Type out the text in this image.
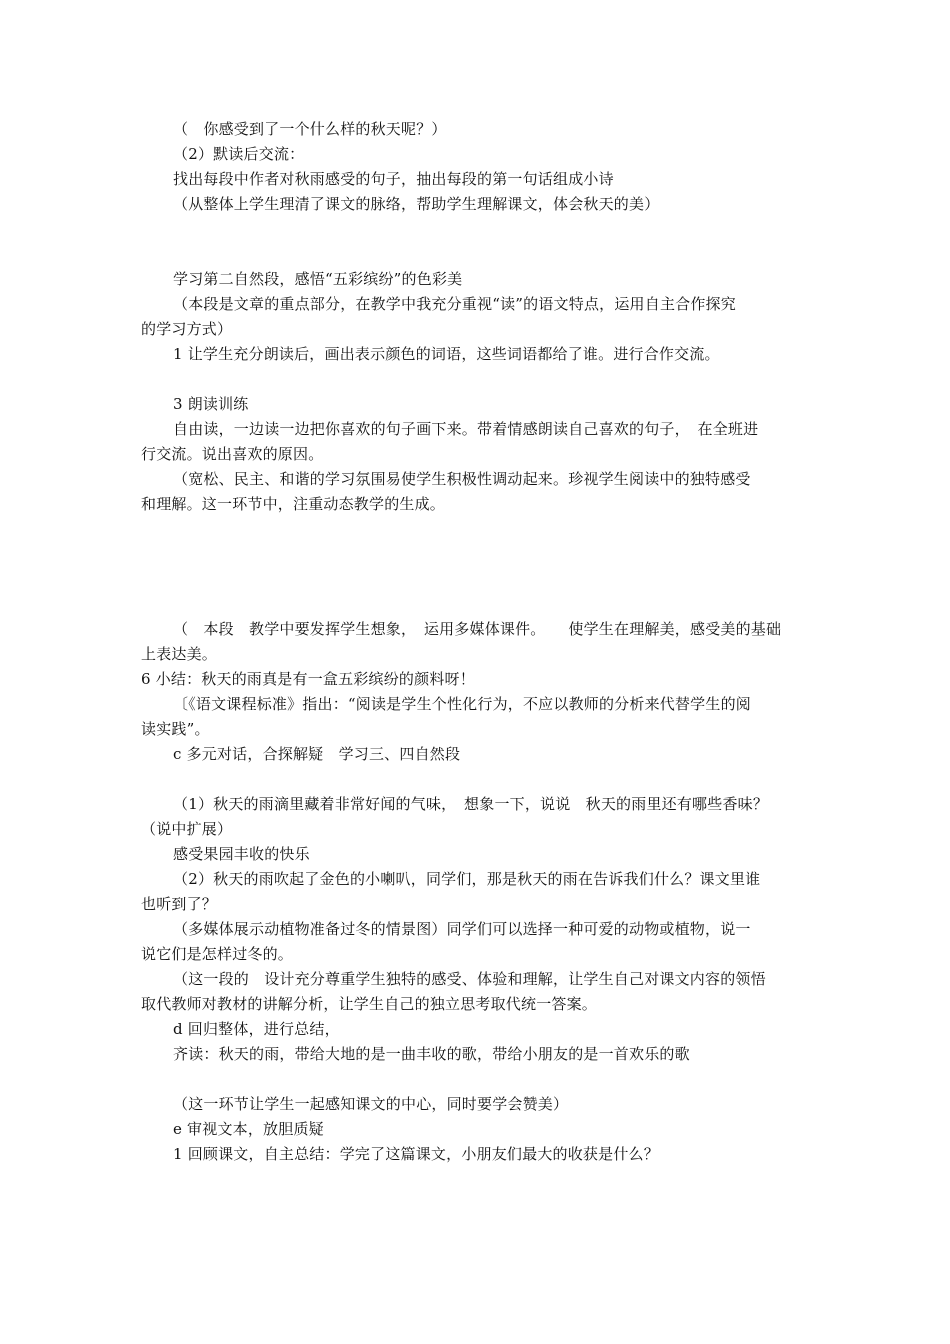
（　你感受到了一个什么样的秋天呢？）

（2）默读后交流：

找出每段中作者对秋雨感受的句子，抽出每段的第一句话组成小诗

（从整体上学生理清了课文的脉络，帮助学生理解课文，体会秋天的美）

学习第二自然段，感悟“五彩缤纷”的色彩美

（本段是文章的重点部分，在教学中我充分重视“读”的语文特点，运用自主合作探究

的学习方式）

1 让学生充分朗读后，画出表示颜色的词语，这些词语都给了谁。进行合作交流。

3 朗读训练

自由读，一边读一边把你喜欢的句子画下来。带着情感朗读自己喜欢的句子，　在全班进

行交流。说出喜欢的原因。

（宽松、民主、和谐的学习氛围易使学生积极性调动起来。珍视学生阅读中的独特感受

和理解。这一环节中，注重动态教学的生成。

（　本段　教学中要发挥学生想象，　运用多媒体课件。　　使学生在理解美，感受美的基础

上表达美。

6 小结：秋天的雨真是有一盒五彩缤纷的颜料呀！

〔《语文课程标准》指出：“阅读是学生个性化行为，不应以教师的分析来代替学生的阅

读实践”。

c 多元对话，合探解疑　学习三、四自然段

（1）秋天的雨滴里藏着非常好闻的气味，　想象一下，说说　秋天的雨里还有哪些香味？

（说中扩展）

感受果园丰收的快乐

（2）秋天的雨吹起了金色的小喇叭，同学们，那是秋天的雨在告诉我们什么？课文里谁

也听到了？

（多媒体展示动植物准备过冬的情景图）同学们可以选择一种可爱的动物或植物，说一

说它们是怎样过冬的。

（这一段的　设计充分尊重学生独特的感受、体验和理解，让学生自己对课文内容的领悟

取代教师对教材的讲解分析，让学生自己的独立思考取代统一答案。

d 回归整体，进行总结，

齐读：秋天的雨，带给大地的是一曲丰收的歌，带给小朋友的是一首欢乐的歌

（这一环节让学生一起感知课文的中心，同时要学会赞美）

e 审视文本，放胆质疑

1 回顾课文，自主总结：学完了这篇课文，小朋友们最大的收获是什么？
